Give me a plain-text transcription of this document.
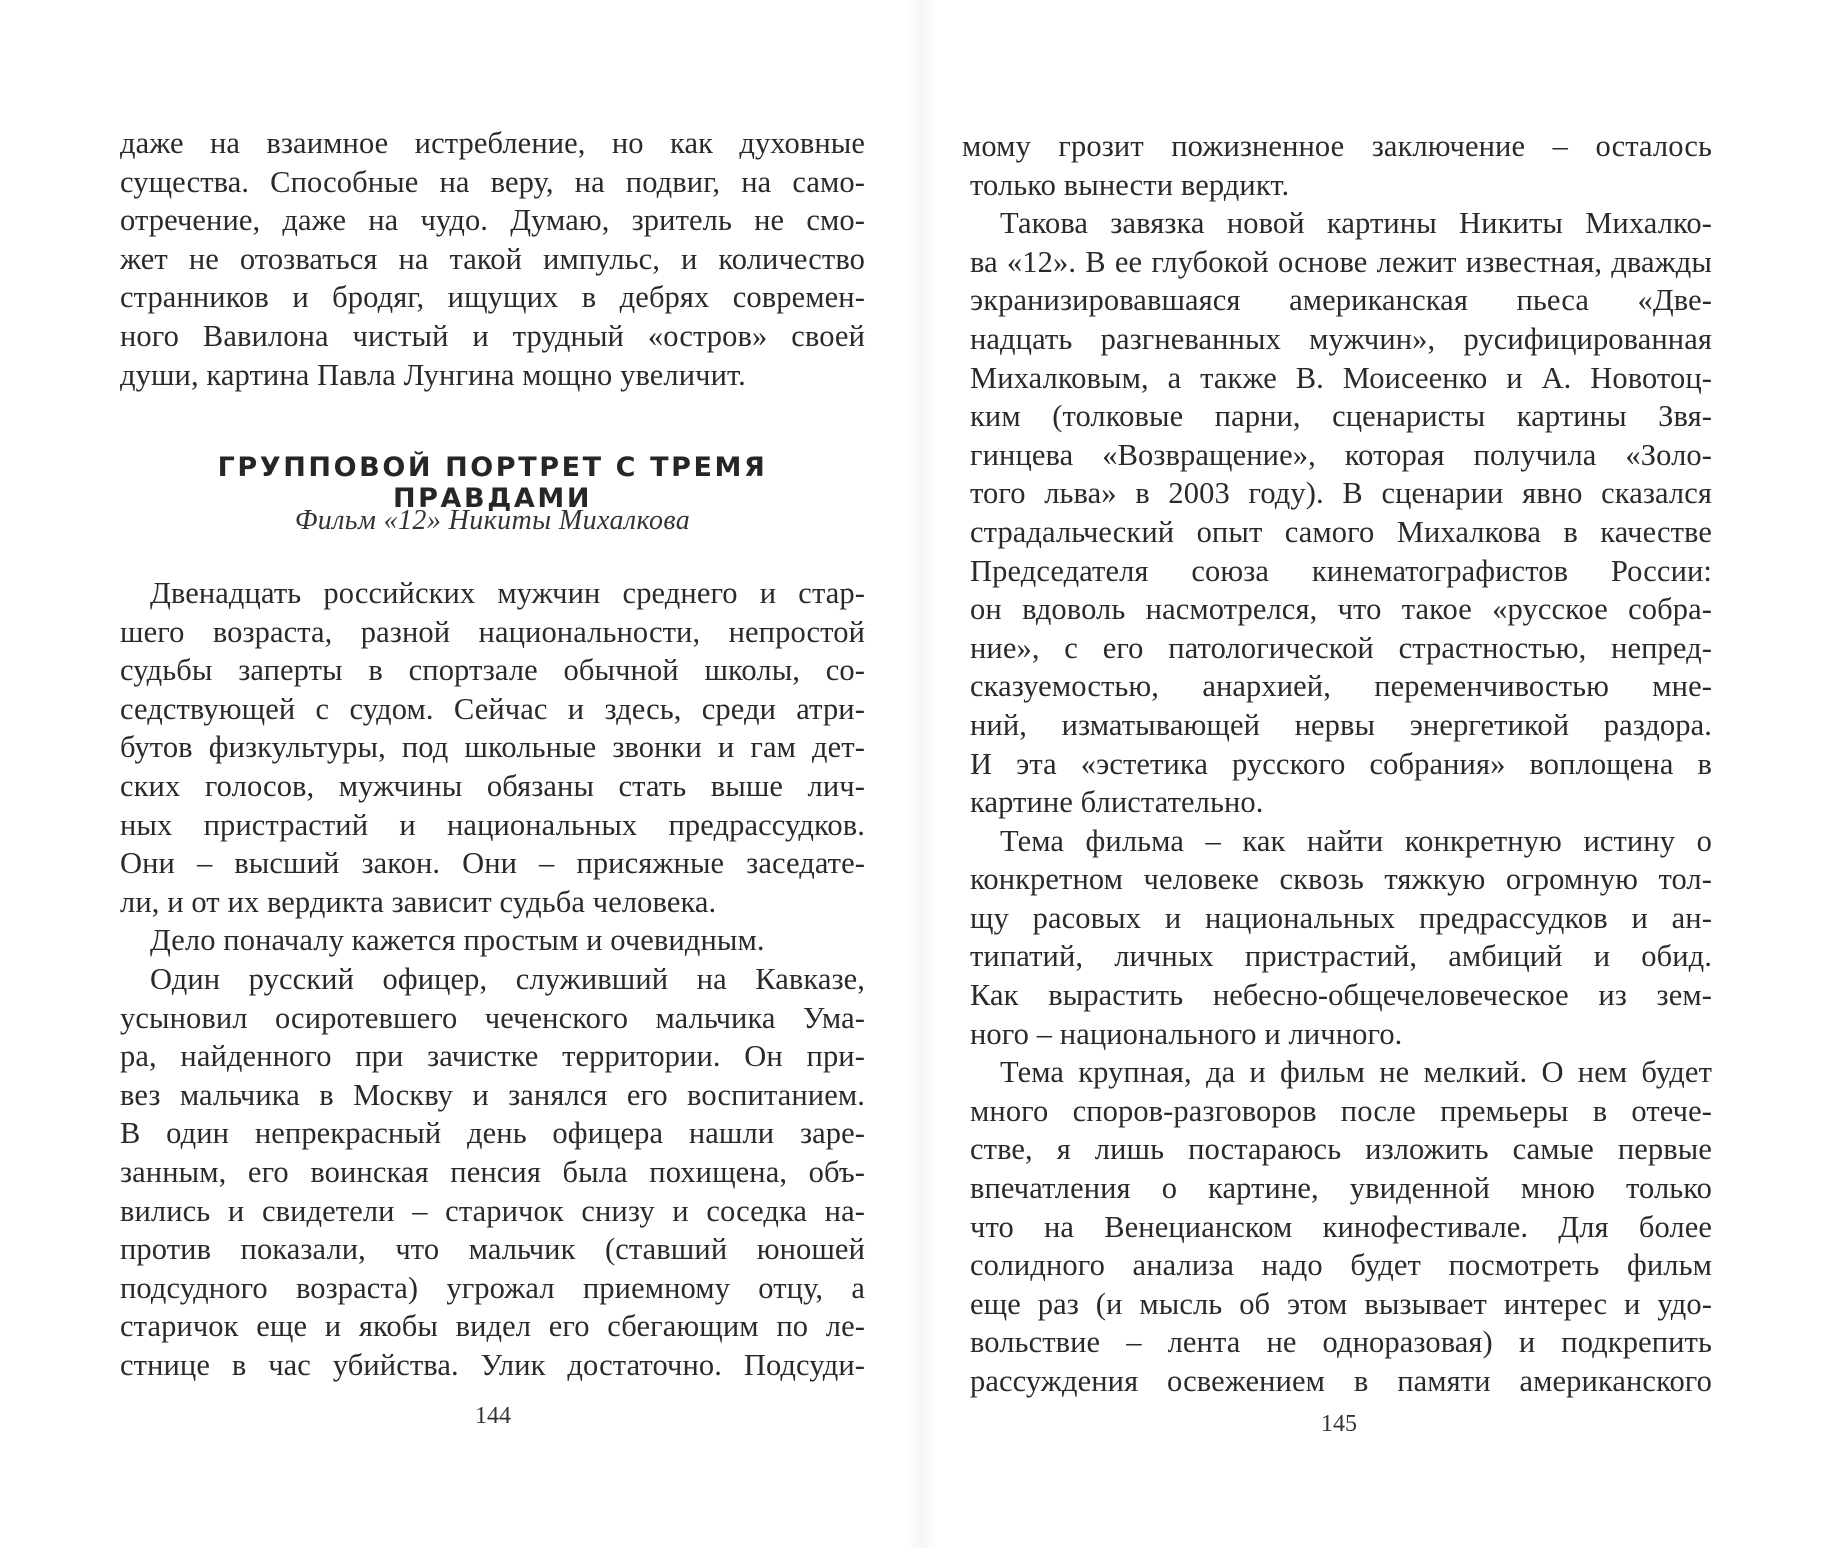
даже на взаимное истребление, но как духовные
существа. Способные на веру, на подвиг, на само-
отречение, даже на чудо. Думаю, зритель не смо-
жет не отозваться на такой импульс, и количество
странников и бродяг, ищущих в дебрях современ-
ного Вавилона чистый и трудный «остров» своей
души, картина Павла Лунгина мощно увеличит.
ГРУППОВОЙ ПОРТРЕТ С ТРЕМЯ ПРАВДАМИ
Фильм «12» Никиты Михалкова
Двенадцать российских мужчин среднего и стар-
шего возраста, разной национальности, непростой
судьбы заперты в спортзале обычной школы, со-
седствующей с судом. Сейчас и здесь, среди атри-
бутов физкультуры, под школьные звонки и гам дет-
ских голосов, мужчины обязаны стать выше лич-
ных пристрастий и национальных предрассудков.
Они – высший закон. Они – присяжные заседате-
ли, и от их вердикта зависит судьба человека.
Дело поначалу кажется простым и очевидным.
Один русский офицер, служивший на Кавказе,
усыновил осиротевшего чеченского мальчика Ума-
ра, найденного при зачистке территории. Он при-
вез мальчика в Москву и занялся его воспитанием.
В один непрекрасный день офицера нашли заре-
занным, его воинская пенсия была похищена, объ-
вились и свидетели – старичок снизу и соседка на-
против показали, что мальчик (ставший юношей
подсудного возраста) угрожал приемному отцу, а
старичок еще и якобы видел его сбегающим по ле-
стнице в час убийства. Улик достаточно. Подсуди-
144
мому грозит пожизненное заключение – осталось
только вынести вердикт.
Такова завязка новой картины Никиты Михалко-
ва «12». В ее глубокой основе лежит известная, дважды
экранизировавшаяся американская пьеса «Две-
надцать разгневанных мужчин», русифицированная
Михалковым, а также В. Моисеенко и А. Новотоц-
ким (толковые парни, сценаристы картины Звя-
гинцева «Возвращение», которая получила «Золо-
того льва» в 2003 году). В сценарии явно сказался
страдальческий опыт самого Михалкова в качестве
Председателя союза кинематографистов России:
он вдоволь насмотрелся, что такое «русское собра-
ние», с его патологической страстностью, непред-
сказуемостью, анархией, переменчивостью мне-
ний, изматывающей нервы энергетикой раздора.
И эта «эстетика русского собрания» воплощена в
картине блистательно.
Тема фильма – как найти конкретную истину о
конкретном человеке сквозь тяжкую огромную тол-
щу расовых и национальных предрассудков и ан-
типатий, личных пристрастий, амбиций и обид.
Как вырастить небесно-общечеловеческое из зем-
ного – национального и личного.
Тема крупная, да и фильм не мелкий. О нем будет
много споров-разговоров после премьеры в отече-
стве, я лишь постараюсь изложить самые первые
впечатления о картине, увиденной мною только
что на Венецианском кинофестивале. Для более
солидного анализа надо будет посмотреть фильм
еще раз (и мысль об этом вызывает интерес и удо-
вольствие – лента не одноразовая) и подкрепить
рассуждения освежением в памяти американского
145
